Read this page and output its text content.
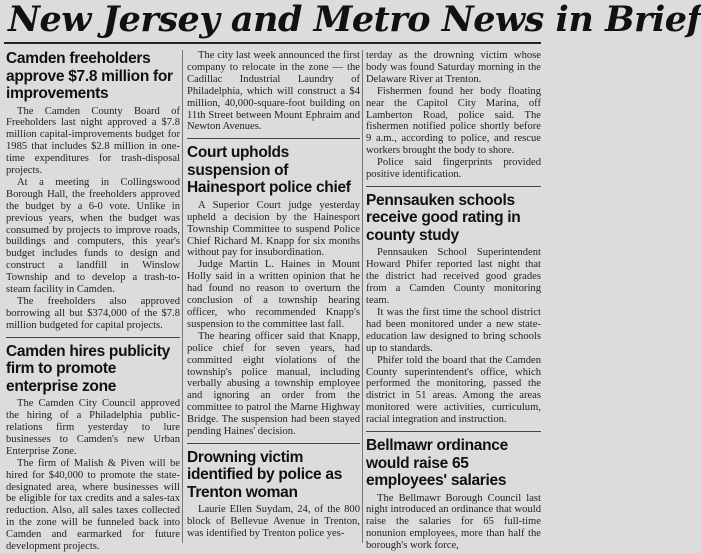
New Jersey and Metro News in Brief
Camden freeholders approve $7.8 million for improvements

The Camden County Board of Freeholders last night approved a $7.8 million capital-improvements budget for 1985 that includes $2.8 million in one-time expenditures for trash-disposal projects.

At a meeting in Collingswood Borough Hall, the freeholders approved the budget by a 6-0 vote. Unlike in previous years, when the budget was consumed by projects to improve roads, buildings and computers, this year's budget includes funds to design and construct a landfill in Winslow Township and to develop a trash-to-steam facility in Camden.

The freeholders also approved borrowing all but $374,000 of the $7.8 million budgeted for capital projects.

Camden hires publicity firm to promote enterprise zone

The Camden City Council approved the hiring of a Philadelphia public-relations firm yesterday to lure businesses to Camden's new Urban Enterprise Zone.

The firm of Malish & Piven will be hired for $40,000 to promote the state-designated area, where businesses will be eligible for tax credits and a sales-tax reduction. Also, all sales taxes collected in the zone will be funneled back into Camden and earmarked for future development projects.

The city last week announced the first company to relocate in the zone — the Cadillac Industrial Laundry of Philadelphia, which will construct a $4 million, 40,000-square-foot building on 11th Street between Mount Ephraim and Newton Avenues.

Court upholds suspension of Hainesport police chief

A Superior Court judge yesterday upheld a decision by the Hainesport Township Committee to suspend Police Chief Richard M. Knapp for six months without pay for insubordination.

Judge Martin L. Haines in Mount Holly said in a written opinion that he had found no reason to overturn the conclusion of a township hearing officer, who recommended Knapp's suspension to the committee last fall.

The hearing officer said that Knapp, police chief for seven years, had committed eight violations of the township's police manual, including verbally abusing a township employee and ignoring an order from the committee to patrol the Marne Highway Bridge. The suspension had been stayed pending Haines' decision.

Drowning victim identified by police as Trenton woman

Laurie Ellen Suydam, 24, of the 800 block of Bellevue Avenue in Trenton, was identified by Trenton police yes-

terday as the drowning victim whose body was found Saturday morning in the Delaware River at Trenton.

Fishermen found her body floating near the Capitol City Marina, off Lamberton Road, police said. The fishermen notified police shortly before 9 a.m., according to police, and rescue workers brought the body to shore.

Police said fingerprints provided positive identification.

Pennsauken schools receive good rating in county study

Pennsauken School Superintendent Howard Phifer reported last night that the district had received good grades from a Camden County monitoring team.

It was the first time the school district had been monitored under a new state-education law designed to bring schools up to standards.

Phifer told the board that the Camden County superintendent's office, which performed the monitoring, passed the district in 51 areas. Among the areas monitored were activities, curriculum, racial integration and instruction.

Bellmawr ordinance would raise 65 employees' salaries

The Bellmawr Borough Council last night introduced an ordinance that would raise the salaries for 65 full-time nonunion employees, more than half the borough's work force,
